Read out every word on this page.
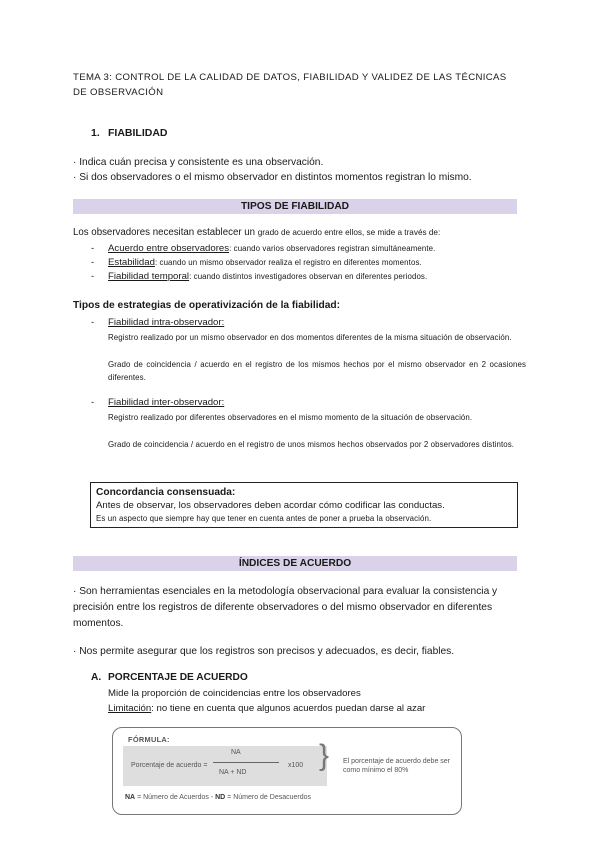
TEMA 3: CONTROL DE LA CALIDAD DE DATOS, FIABILIDAD Y VALIDEZ DE LAS TÉCNICAS
DE OBSERVACIÓN
1. FIABILIDAD
· Indica cuán precisa y consistente es una observación.
· Si dos observadores o el mismo observador en distintos momentos registran lo mismo.
TIPOS DE FIABILIDAD
Los observadores necesitan establecer un grado de acuerdo entre ellos, se mide a través de:
- Acuerdo entre observadores: cuando varios observadores registran simultáneamente.
- Estabilidad: cuando un mismo observador realiza el registro en diferentes momentos.
- Fiabilidad temporal: cuando distintos investigadores observan en diferentes periodos.
Tipos de estrategias de operativización de la fiabilidad:
- Fiabilidad intra-observador:
Registro realizado por un mismo observador en dos momentos diferentes de la misma situación de observación.
Grado de coincidencia / acuerdo en el registro de los mismos hechos por el mismo observador en 2 ocasiones diferentes.
- Fiabilidad inter-observador:
Registro realizado por diferentes observadores en el mismo momento de la situación de observación.
Grado de coincidencia / acuerdo en el registro de unos mismos hechos observados por 2 observadores distintos.
Concordancia consensuada:
Antes de observar, los observadores deben acordar cómo codificar las conductas.
Es un aspecto que siempre hay que tener en cuenta antes de poner a prueba la observación.
ÍNDICES DE ACUERDO
· Son herramientas esenciales en la metodología observacional para evaluar la consistencia y precisión entre los registros de diferente observadores o del mismo observador en diferentes momentos.
· Nos permite asegurar que los registros son precisos y adecuados, es decir, fiables.
A. PORCENTAJE DE ACUERDO
Mide la proporción de coincidencias entre los observadores
Limitación: no tiene en cuenta que algunos acuerdos puedan darse al azar
FÓRMULA:
Porcentaje de acuerdo =
NA
NA + ND
x100 } El porcentaje de acuerdo debe ser como mínimo el 80%
NA = Número de Acuerdos - ND = Número de Desacuerdos
